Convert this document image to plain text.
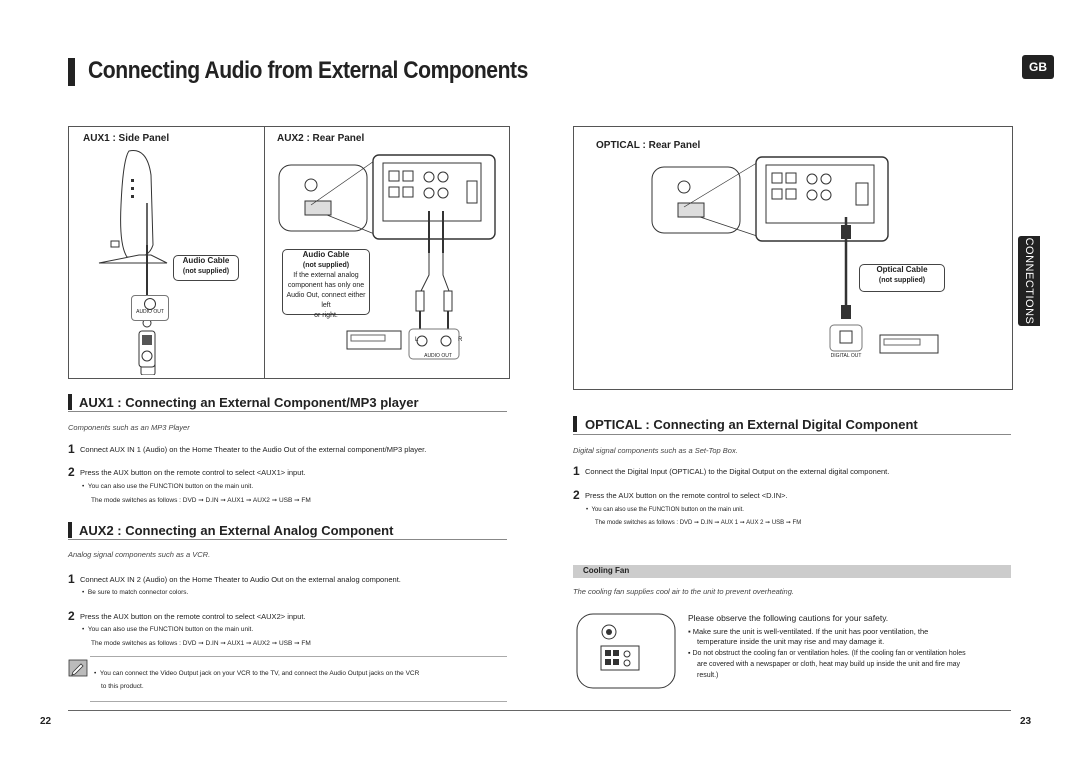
Connecting Audio from External Components	GB
CONNECTIONS
AUX1 : Side Panel	AUX2 : Rear Panel
Audio Cable
(not supplied)
AUDIO OUT
Audio Cable
(not supplied)
If the external analog
component has only one
Audio Out, connect either left
or right.
L	R
AUDIO OUT
OPTICAL : Rear Panel
Optical Cable
(not supplied)
DIGITAL OUT
AUX1 : Connecting an External Component/MP3 player
Components such as an MP3 Player
1 Connect AUX IN 1 (Audio) on the Home Theater to the Audio Out of the external component/MP3 player.
2 Press the AUX button on the remote control to select <AUX1> input.
•  You can also use the FUNCTION button on the main unit.
The mode switches as follows : DVD ➞ D.IN ➞ AUX1 ➞ AUX2 ➞ USB ➞ FM
AUX2 : Connecting an External Analog Component
Analog signal components such as a VCR.
1 Connect AUX IN 2 (Audio) on the Home Theater to Audio Out on the external analog component.
•  Be sure to match connector colors.
2 Press the AUX button on the remote control to select <AUX2> input.
•  You can also use the FUNCTION button on the main unit.
The mode switches as follows : DVD ➞ D.IN ➞ AUX1 ➞ AUX2 ➞ USB ➞ FM
•  You can connect the Video Output jack on your VCR to the TV, and connect the Audio Output jacks on the VCR
to this product.
OPTICAL : Connecting an External Digital Component
Digital signal components such as a Set-Top Box.
1 Connect the Digital Input (OPTICAL) to the Digital Output on the external digital component.
2 Press the AUX button on the remote control to select <D.IN>.
•  You can also use the FUNCTION button on the main unit.
The mode switches as follows : DVD ➞ D.IN ➞ AUX 1 ➞ AUX 2 ➞ USB ➞ FM
Cooling Fan
The cooling fan supplies cool air to the unit to prevent overheating.
Please observe the following cautions for your safety.
▪ Make sure the unit is well-ventilated. If the unit has poor ventilation, the
temperature inside the unit may rise and may damage it.
▪ Do not obstruct the cooling fan or ventilation holes. (If the cooling fan or ventilation holes
are covered with a newspaper or cloth, heat may build up inside the unit and fire may
result.)
22	23
